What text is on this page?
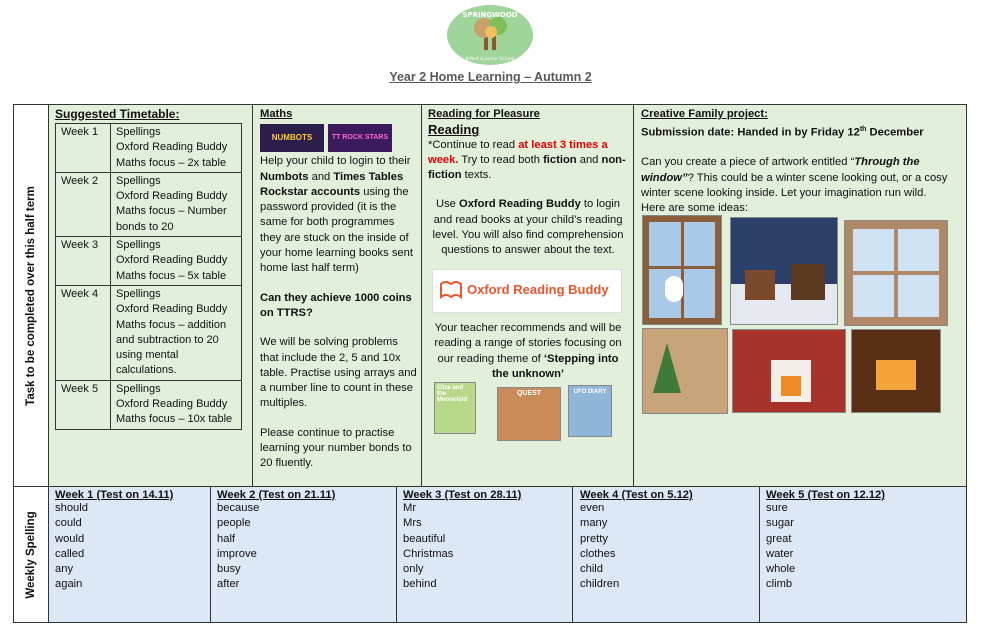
SPRINGWOOD
Infant & Junior School
Year 2 Home Learning – Autumn 2
Task to be completed over this half term
Weekly Spelling
Suggested Timetable:
Week 1	Spellings
Oxford Reading Buddy
Maths focus – 2x table

Week 2	Spellings
Oxford Reading Buddy
Maths focus – Number bonds to 20

Week 3	Spellings
Oxford Reading Buddy
Maths focus – 5x table

Week 4	Spellings
Oxford Reading Buddy
Maths focus – addition and subtraction to 20 using mental calculations.

Week 5	Spellings
Oxford Reading Buddy
Maths focus – 10x table
Maths
NUMBOTS	TT ROCK STARS

Help your child to login to their Numbots and Times Tables Rockstar accounts using the password provided (it is the same for both programmes they are stuck on the inside of your home learning books sent home last half term)

Can they achieve 1000 coins on TTRS?

We will be solving problems that include the 2, 5 and 10x table. Practise using arrays and a number line to count in these multiples.

Please continue to practise learning your number bonds to 20 fluently.

Reading for Pleasure
Reading

*Continue to read at least 3 times a week. Try to read both fiction and non-fiction texts.

Use Oxford Reading Buddy to login and read books at your child’s reading level. You will also find comprehension questions to answer about the text.

Oxford Reading Buddy
Your teacher recommends and will be reading a range of stories focusing on our reading theme of ‘Stepping into the unknown’
Eliza and the Moonchild
QUEST	UFO DIARY
Creative Family project:

Submission date: Handed in by Friday 12th December

Can you create a piece of artwork entitled “Through the window”? This could be a winter scene looking out, or a cosy winter scene looking inside. Let your imagination run wild.

Here are some ideas:

Week 1 (Test on 14.11)
should
could
would
called
any
again
Week 2 (Test on 21.11)
because
people
half
improve
busy
after
Week 3 (Test on 28.11)
Mr
Mrs
beautiful
Christmas
only
behind
Week 4 (Test on 5.12)
even
many
pretty
clothes
child
children
Week 5 (Test on 12.12)
sure
sugar
great
water
whole
climb
